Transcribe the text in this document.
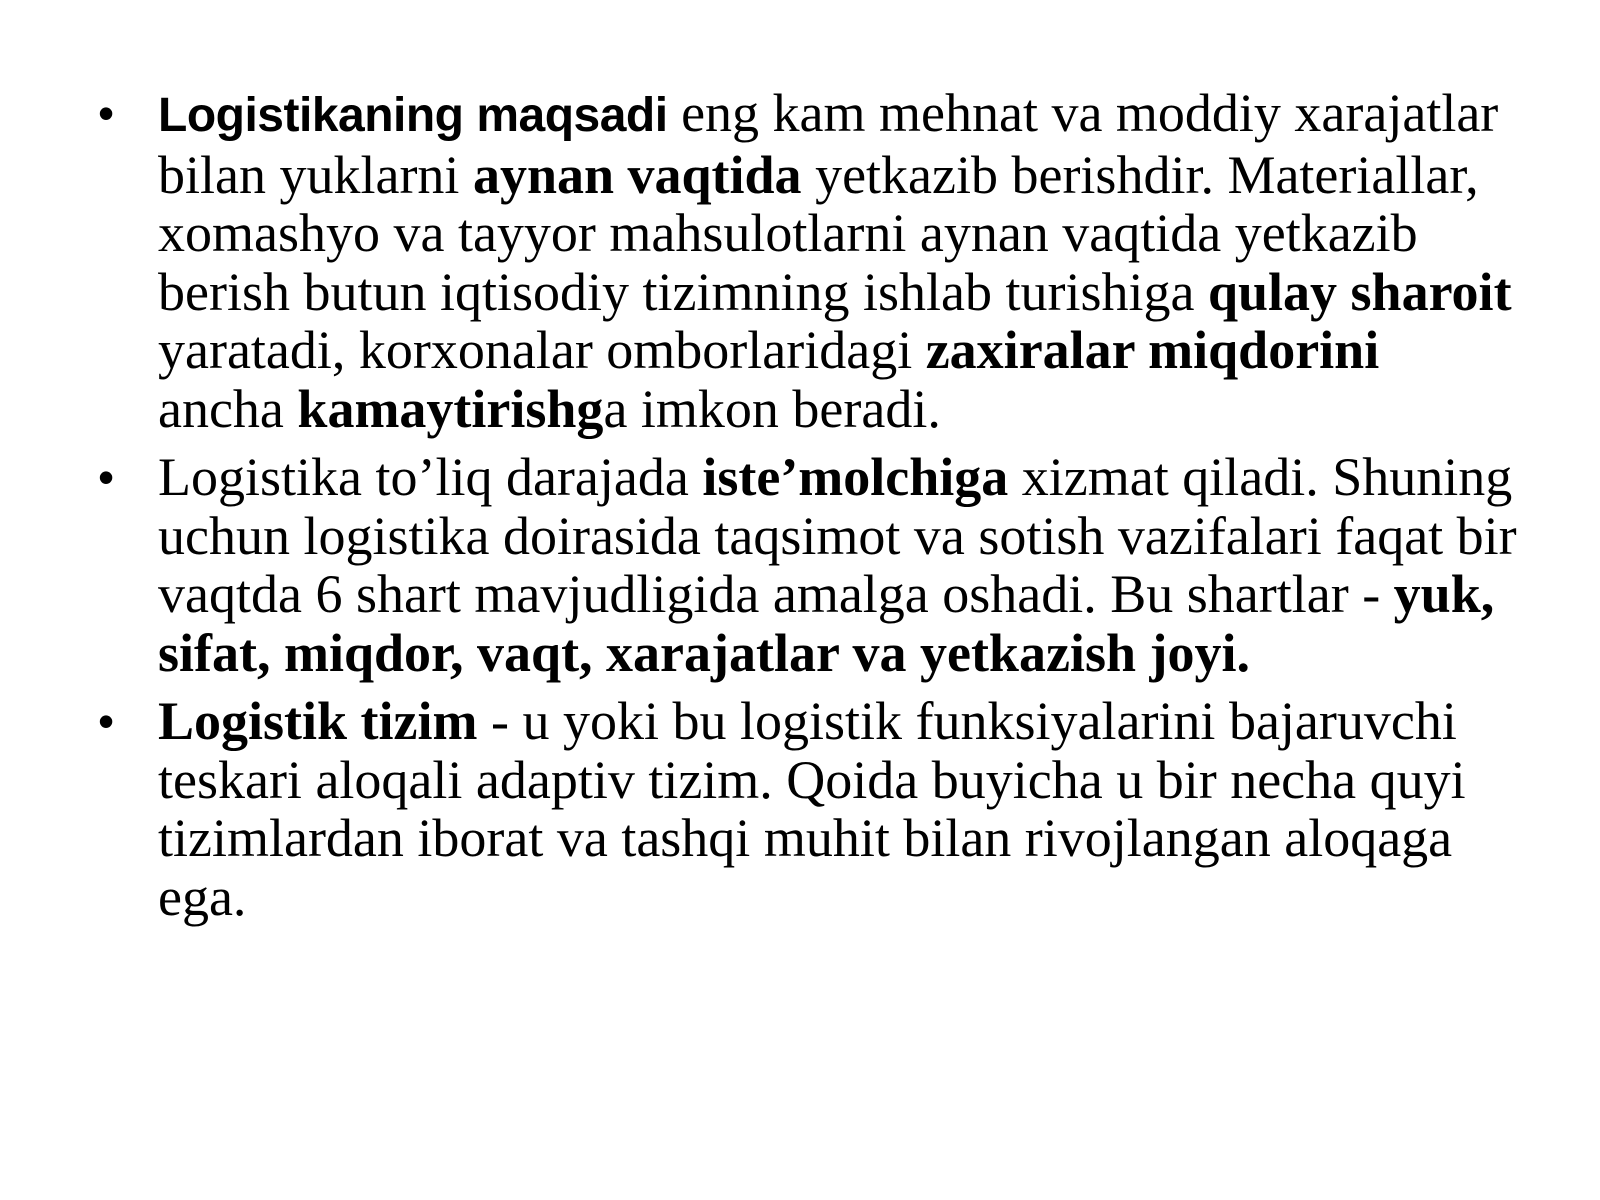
• Logistikaning maqsadi eng kam mehnat va moddiy xarajatlar bilan yuklarni aynan vaqtida yetkazib berishdir. Materiallar, xomashyo va tayyor mahsulotlarni aynan vaqtida yetkazib berish butun iqtisodiy tizimning ishlab turishiga qulay sharoit yaratadi, korxonalar omborlaridagi zaxiralar miqdorini ancha kamaytirishga imkon beradi.
• Logistika to’liq darajada iste’molchiga xizmat qiladi. Shuning uchun logistika doirasida taqsimot va sotish vazifalari faqat bir vaqtda 6 shart mavjudligida amalga oshadi. Bu shartlar - yuk, sifat, miqdor, vaqt, xarajatlar va yetkazish joyi.
• Logistik tizim - u yoki bu logistik funksiyalarini bajaruvchi teskari aloqali adaptiv tizim. Qoida buyicha u bir necha quyi tizimlardan iborat va tashqi muhit bilan rivojlangan aloqaga ega.
